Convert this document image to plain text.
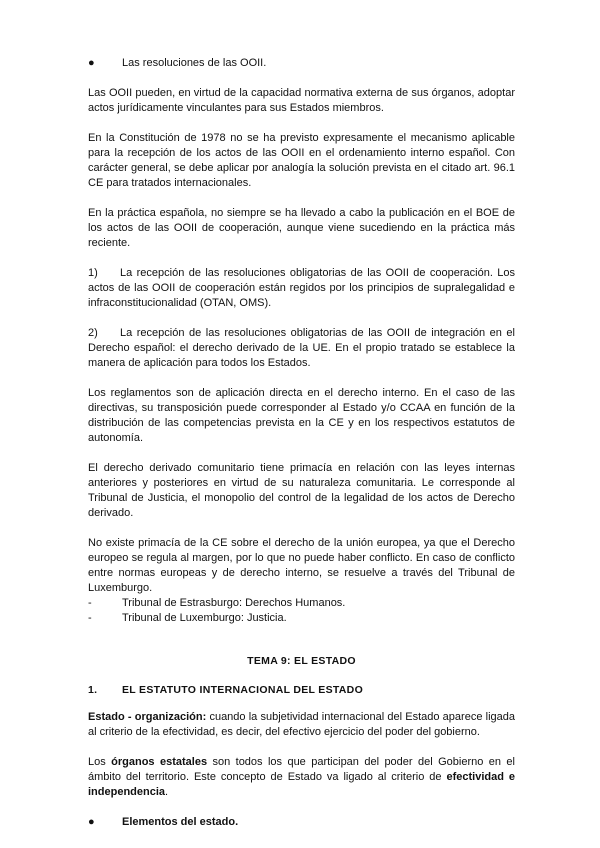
●	Las resoluciones de las OOII.

Las OOII pueden, en virtud de la capacidad normativa externa de sus órganos, adoptar actos jurídicamente vinculantes para sus Estados miembros.

En la Constitución de 1978 no se ha previsto expresamente el mecanismo aplicable para la recepción de los actos de las OOII en el ordenamiento interno español. Con carácter general, se debe aplicar por analogía la solución prevista en el citado art. 96.1 CE para tratados internacionales.

En la práctica española, no siempre se ha llevado a cabo la publicación en el BOE de los actos de las OOII de cooperación, aunque viene sucediendo en la práctica más reciente.

1) La recepción de las resoluciones obligatorias de las OOII de cooperación. Los actos de las OOII de cooperación están regidos por los principios de supralegalidad e infraconstitucionalidad (OTAN, OMS).

2) La recepción de las resoluciones obligatorias de las OOII de integración en el Derecho español: el derecho derivado de la UE. En el propio tratado se establece la manera de aplicación para todos los Estados.

Los reglamentos son de aplicación directa en el derecho interno. En el caso de las directivas, su transposición puede corresponder al Estado y/o CCAA en función de la distribución de las competencias prevista en la CE y en los respectivos estatutos de autonomía.

El derecho derivado comunitario tiene primacía en relación con las leyes internas anteriores y posteriores en virtud de su naturaleza comunitaria. Le corresponde al Tribunal de Justicia, el monopolio del control de la legalidad de los actos de Derecho derivado.

No existe primacía de la CE sobre el derecho de la unión europea, ya que el Derecho europeo se regula al margen, por lo que no puede haber conflicto. En caso de conflicto entre normas europeas y de derecho interno, se resuelve a través del Tribunal de Luxemburgo.

-	Tribunal de Estrasburgo: Derechos Humanos.
-	Tribunal de Luxemburgo: Justicia.
TEMA 9: EL ESTADO
1.	EL ESTATUTO INTERNACIONAL DEL ESTADO

Estado - organización: cuando la subjetividad internacional del Estado aparece ligada al criterio de la efectividad, es decir, del efectivo ejercicio del poder del gobierno.

Los órganos estatales son todos los que participan del poder del Gobierno en el ámbito del territorio. Este concepto de Estado va ligado al criterio de efectividad e independencia.

●	Elementos del estado.
